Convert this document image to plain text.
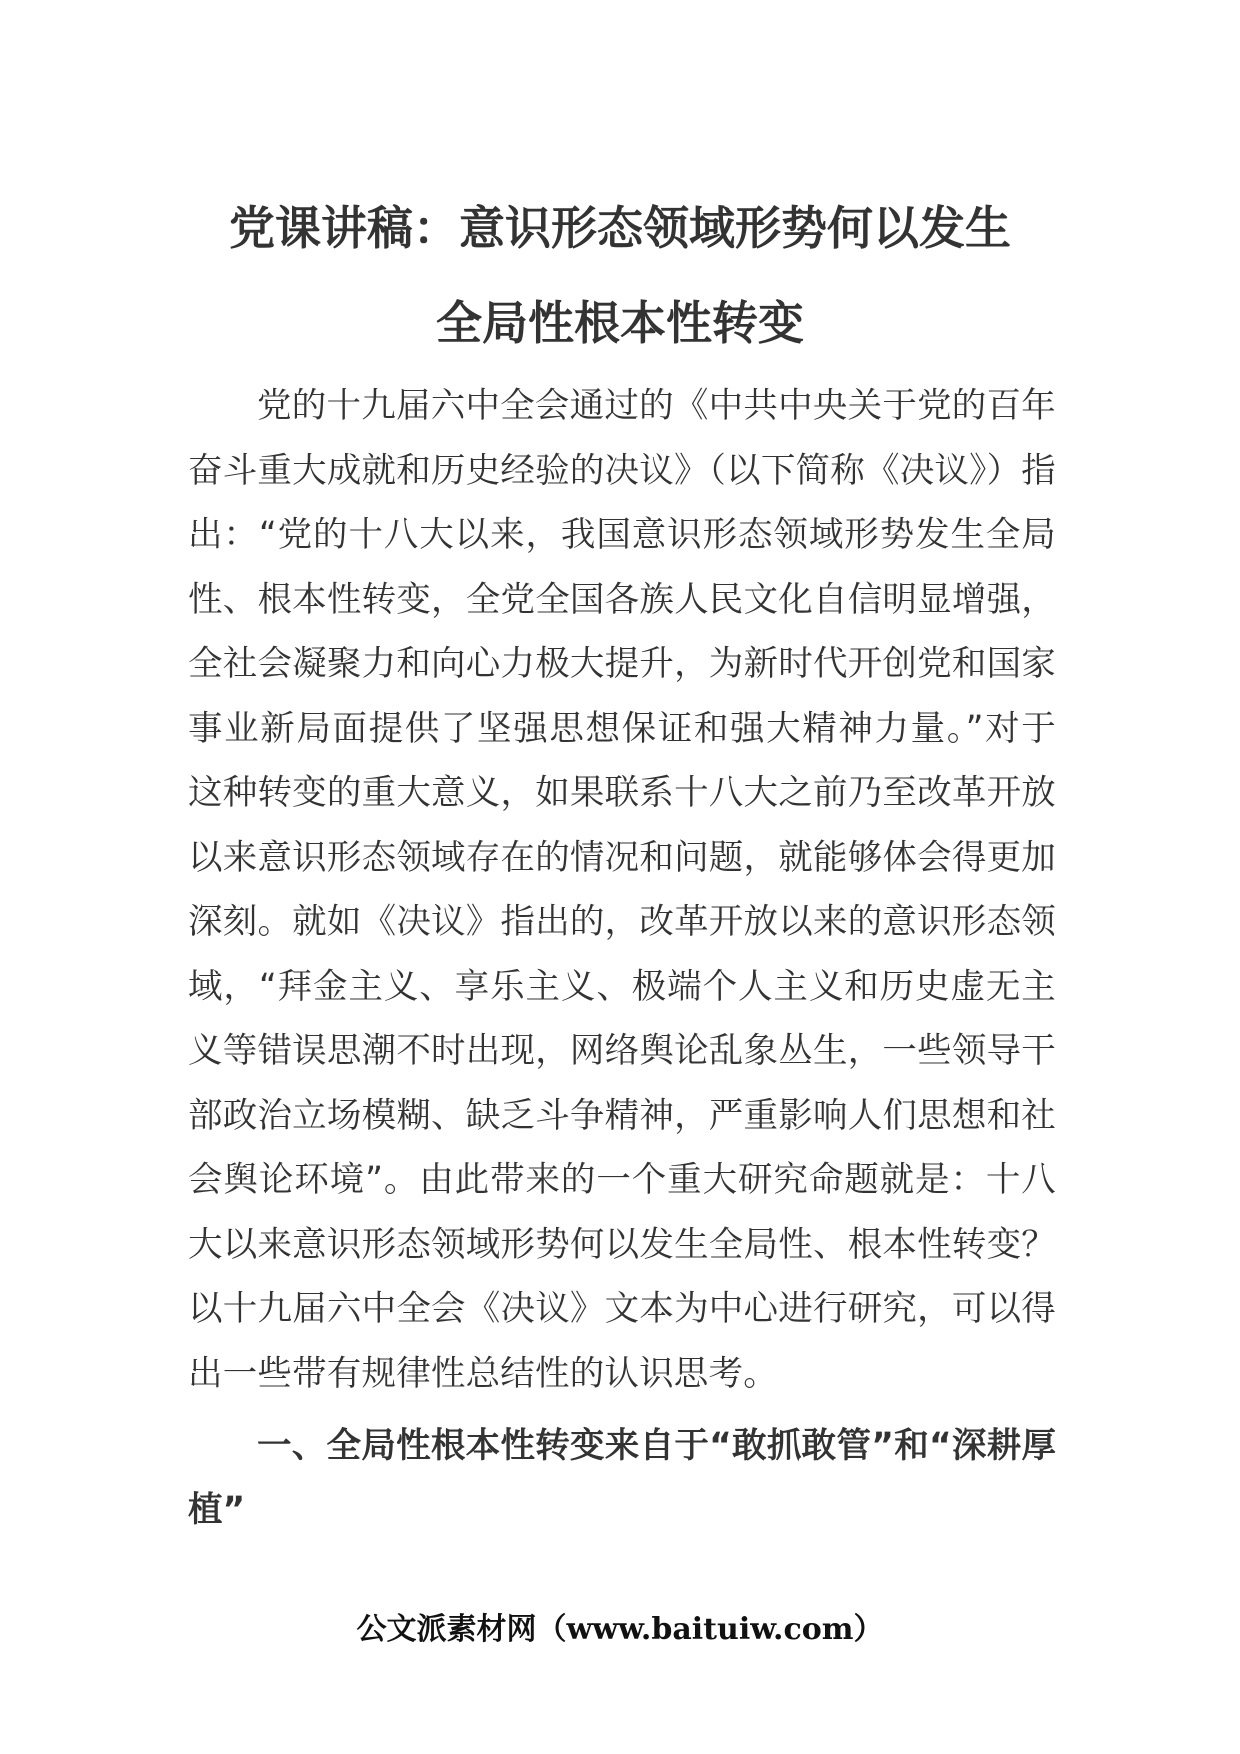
党课讲稿：意识形态领域形势何以发生
全局性根本性转变

党的十九届六中全会通过的《中共中央关于党的百年奋斗重大成就和历史经验的决议》（以下简称《决议》）指出：“党的十八大以来，我国意识形态领域形势发生全局性、根本性转变，全党全国各族人民文化自信明显增强，全社会凝聚力和向心力极大提升，为新时代开创党和国家事业新局面提供了坚强思想保证和强大精神力量。”对于这种转变的重大意义，如果联系十八大之前乃至改革开放以来意识形态领域存在的情况和问题，就能够体会得更加深刻。就如《决议》指出的，改革开放以来的意识形态领域，“拜金主义、享乐主义、极端个人主义和历史虚无主义等错误思潮不时出现，网络舆论乱象丛生，一些领导干部政治立场模糊、缺乏斗争精神，严重影响人们思想和社会舆论环境”。由此带来的一个重大研究命题就是：十八大以来意识形态领域形势何以发生全局性、根本性转变？以十九届六中全会《决议》文本为中心进行研究，可以得出一些带有规律性总结性的认识思考。

一、全局性根本性转变来自于“敢抓敢管”和“深耕厚植”

公文派素材网（www.baituiw.com）
